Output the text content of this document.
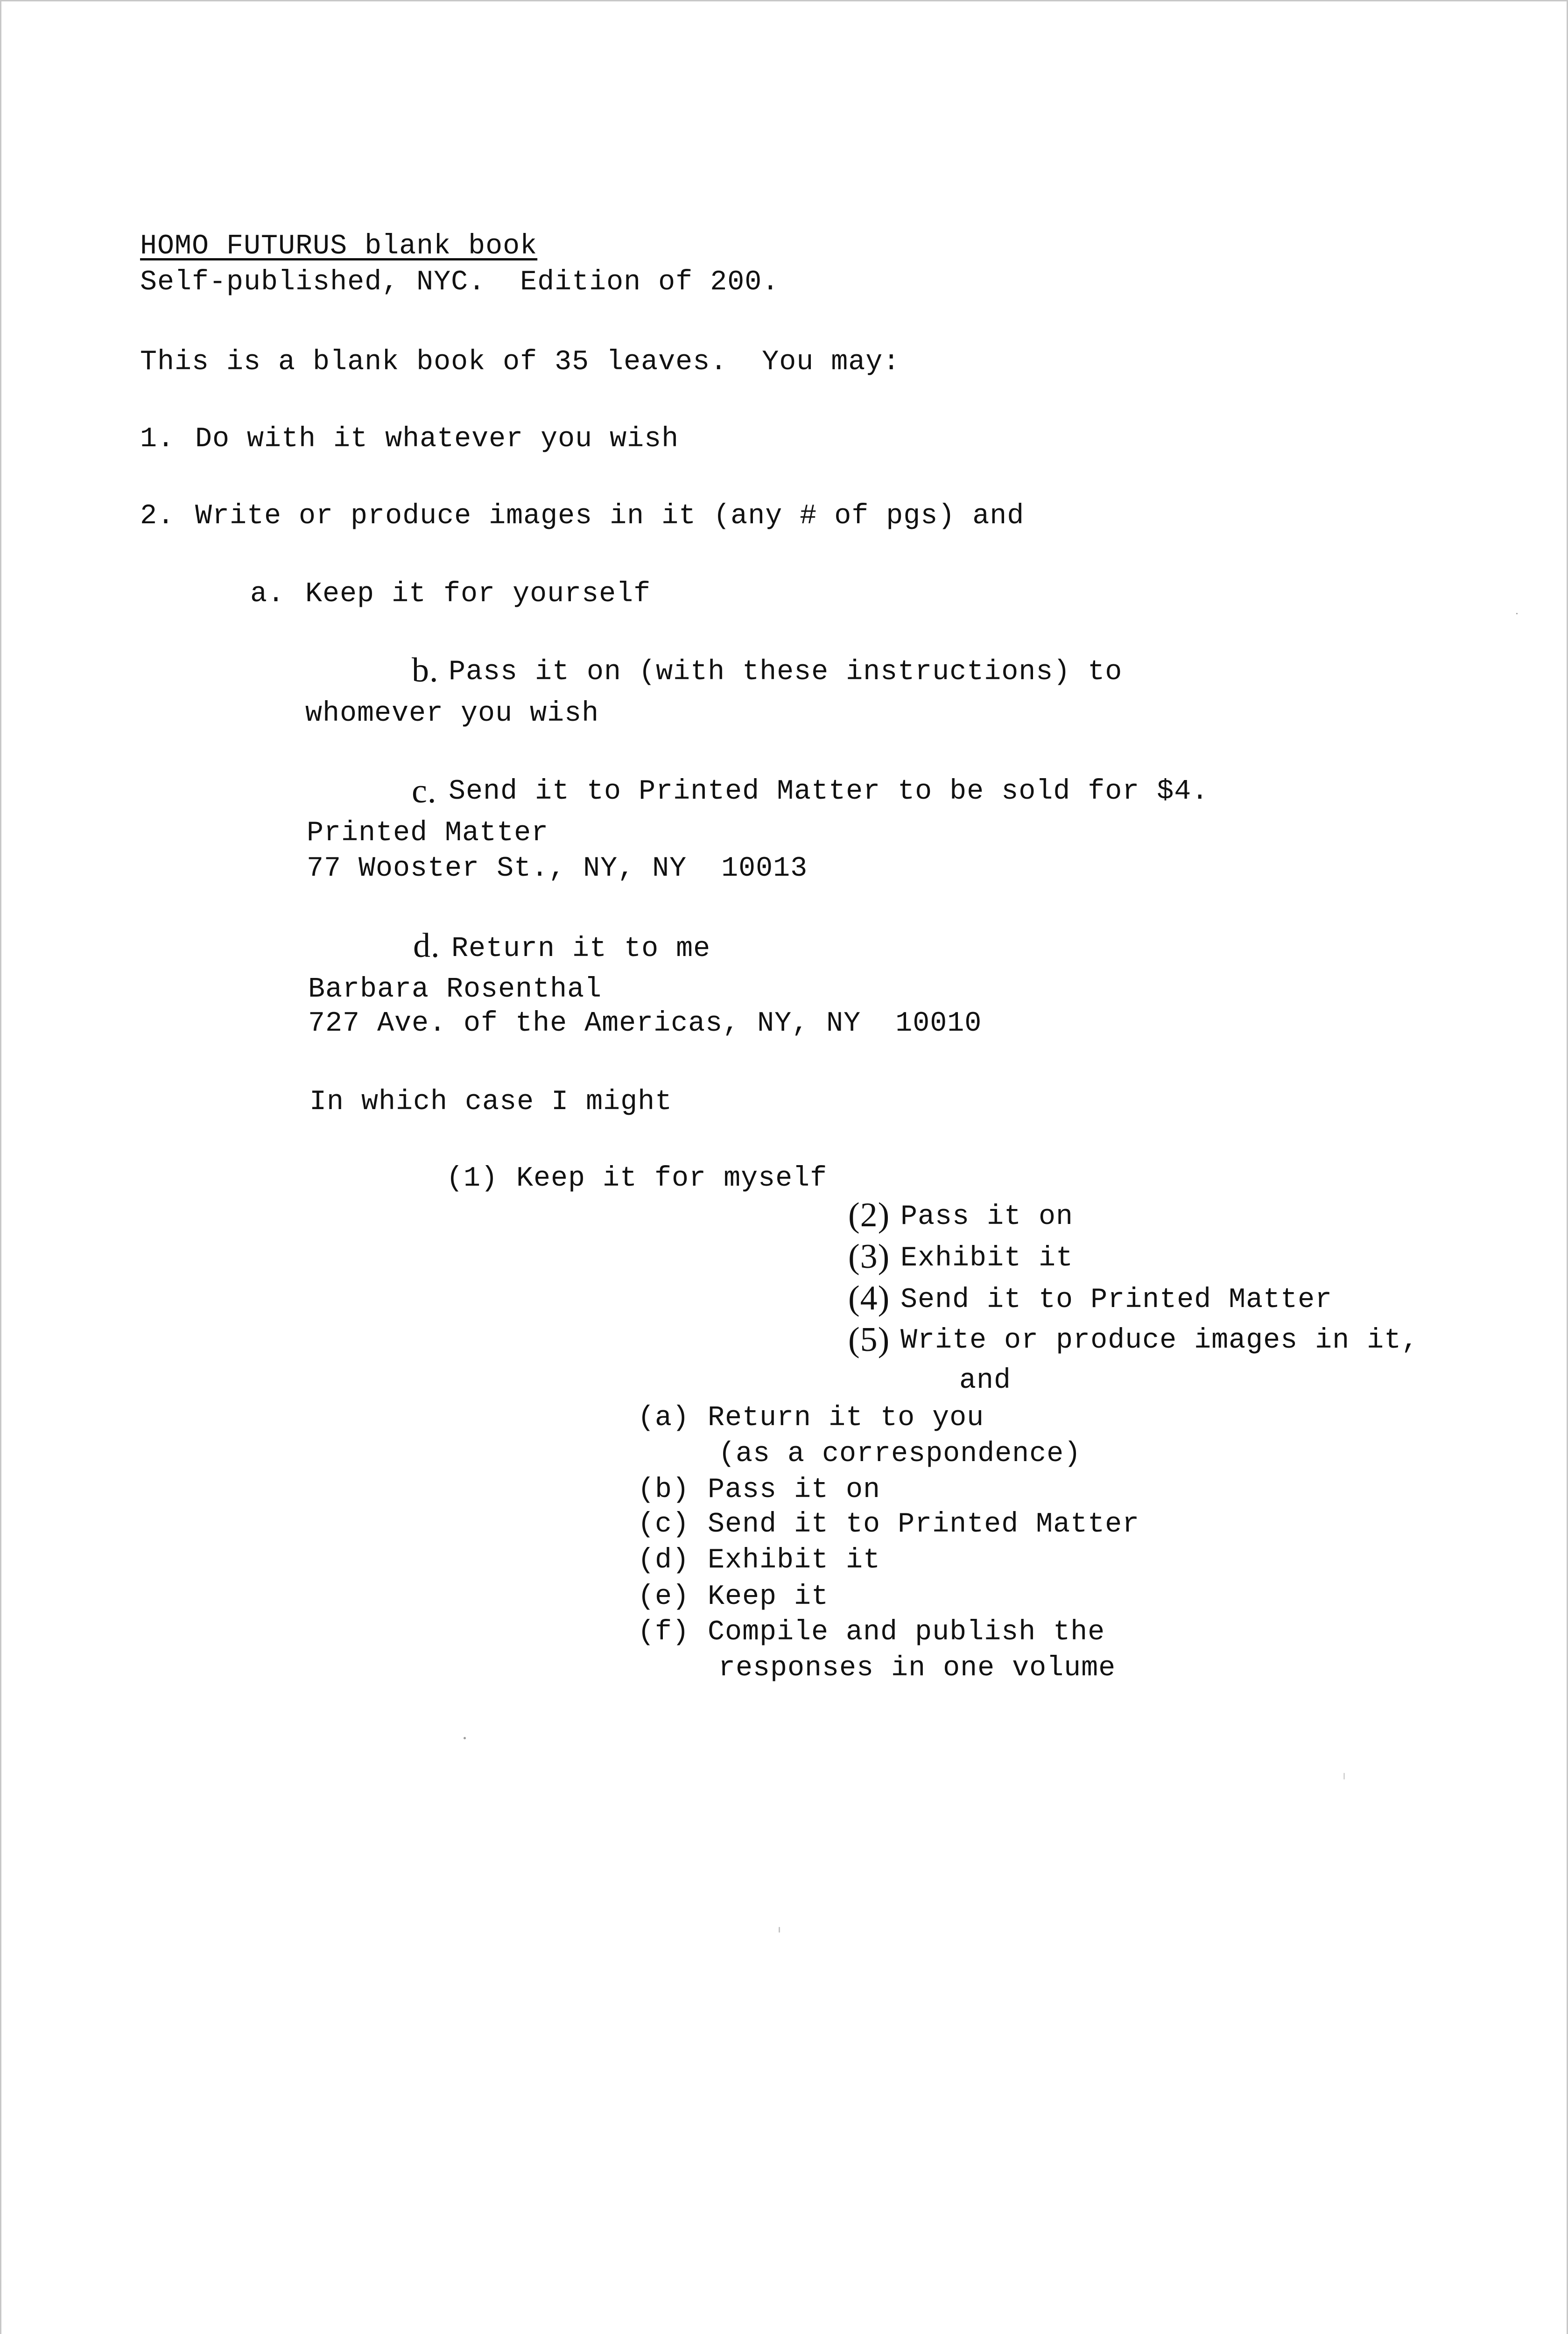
HOMO FUTURUS blank book
Self-published, NYC.  Edition of 200.
This is a blank book of 35 leaves.  You may:
1. Do with it whatever you wish
2. Write or produce images in it (any # of pgs) and
a. Keep it for yourself
b. Pass it on (with these instructions) to
whomever you wish
c. Send it to Printed Matter to be sold for $4.
Printed Matter
77 Wooster St., NY, NY  10013
d. Return it to me
Barbara Rosenthal
727 Ave. of the Americas, NY, NY  10010
In which case I might
(1) Keep it for myself
(2) Pass it on
(3) Exhibit it
(4) Send it to Printed Matter
(5) Write or produce images in it,
and
(a) Return it to you
(as a correspondence)
(b) Pass it on
(c) Send it to Printed Matter
(d) Exhibit it
(e) Keep it
(f) Compile and publish the
responses in one volume
